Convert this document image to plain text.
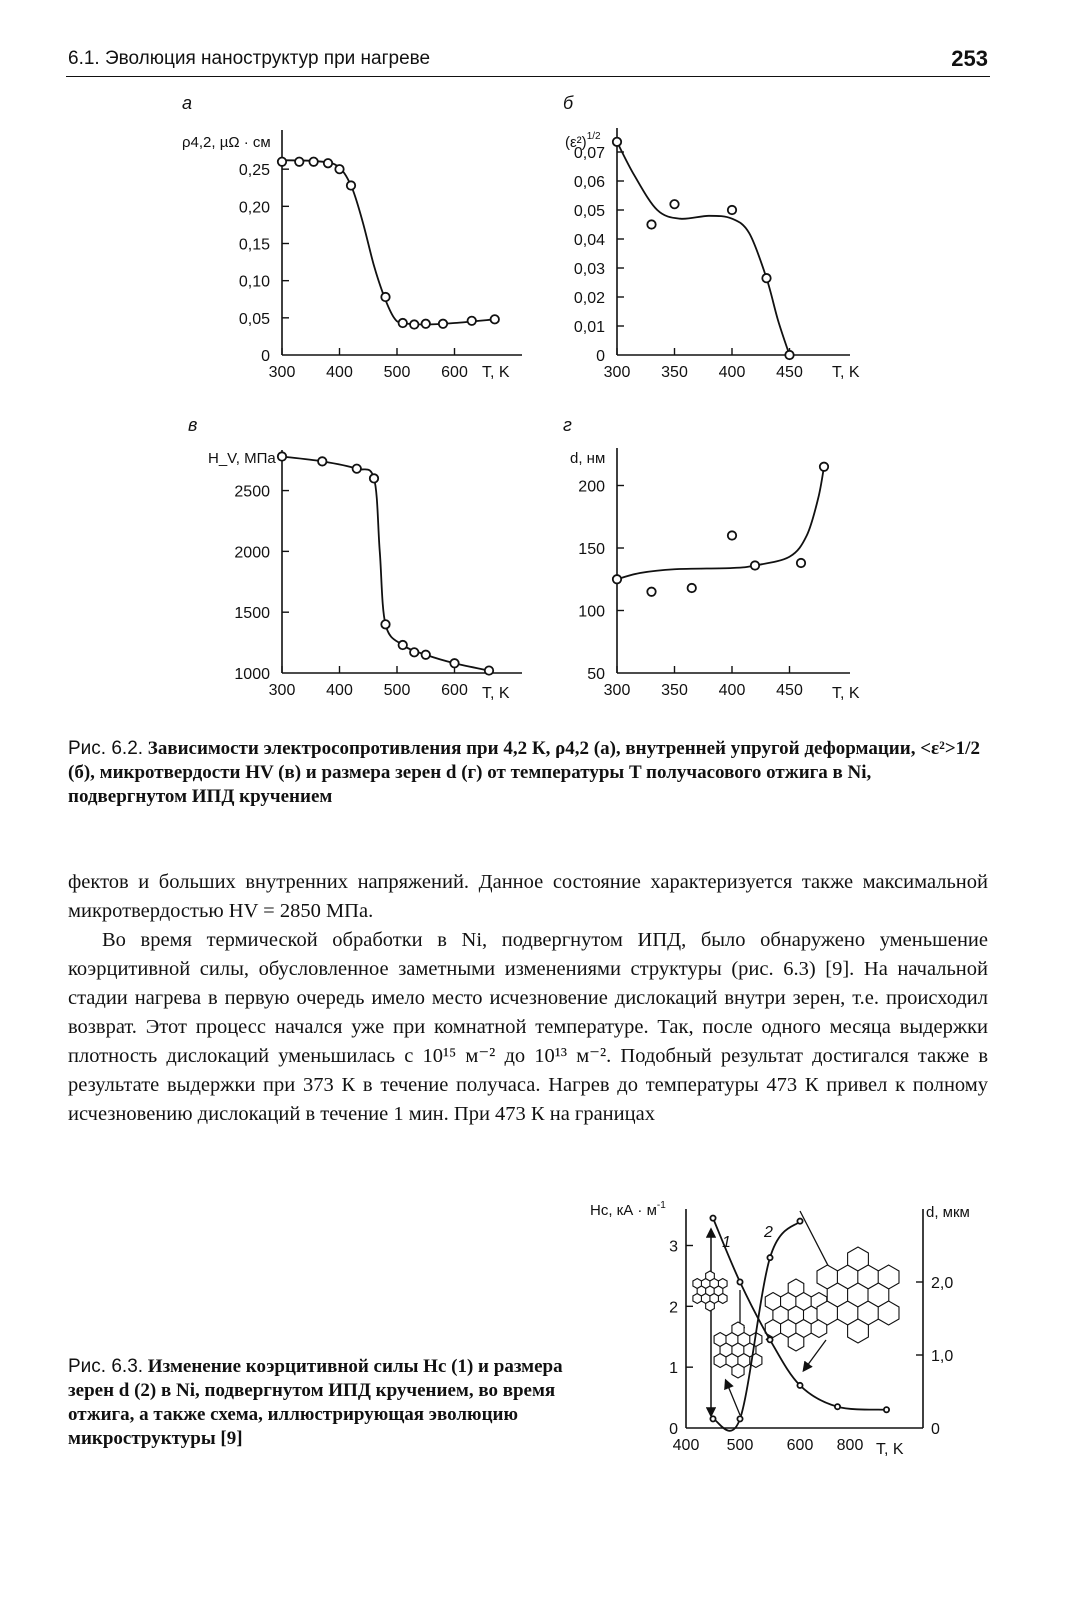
6.1. Эволюция наноструктур при нагреве	253
а
ρ4,2, µΩ · см
T, K
300 400 500 600
0
0,05
0,10
0,15
0,20
0,25
б
$(\varepsilon^2)^{1/2}$
T, K
300 350 400 450
0
0,01
0,02
0,03
0,04
0,05
0,06
0,07
в
H_V, МПа
T, K
300 400 500 600
1000
1500
2000
2500
г
d, нм
T, K
300 350 400 450
50
100
150
200
Рис. 6.2. Зависимости электросопротивления при 4,2 К, ρ4,2 (а), внутренней упругой деформации, <ε²>1/2 (б), микротвердости HV (в) и размера зерен d (г) от температуры T получасового отжига в Ni, подвергнутом ИПД кручением

фектов и больших внутренних напряжений. Данное состояние характеризуется также максимальной микротвердостью HV = 2850 МПа.

Во время термической обработки в Ni, подвергнутом ИПД, было обнаружено уменьшение коэрцитивной силы, обусловленное заметными изменениями структуры (рис. 6.3) [9]. На начальной стадии нагрева в первую очередь имело место исчезновение дислокаций внутри зерен, т.е. происходил возврат. Этот процесс начался уже при комнатной температуре. Так, после одного месяца выдержки плотность дислокаций уменьшилась с 10¹⁵ м⁻² до 10¹³ м⁻². Подобный результат достигался также в результате выдержки при 373 К в течение получаса. Нагрев до температуры 473 К привел к полному исчезновению дислокаций в течение 1 мин. При 473 К на границах

Рис. 6.3. Изменение коэрцитивной силы Hc (1) и размера зерен d (2) в Ni, подвергнутом ИПД кручением, во время отжига, а также схема, иллюстрирующая эволюцию микроструктуры [9]
Hc, кА · $м^{-1}$	d, мкм
T, K
400 500 600 800
0
1
2
3
0
1,0
2,0
1
2
